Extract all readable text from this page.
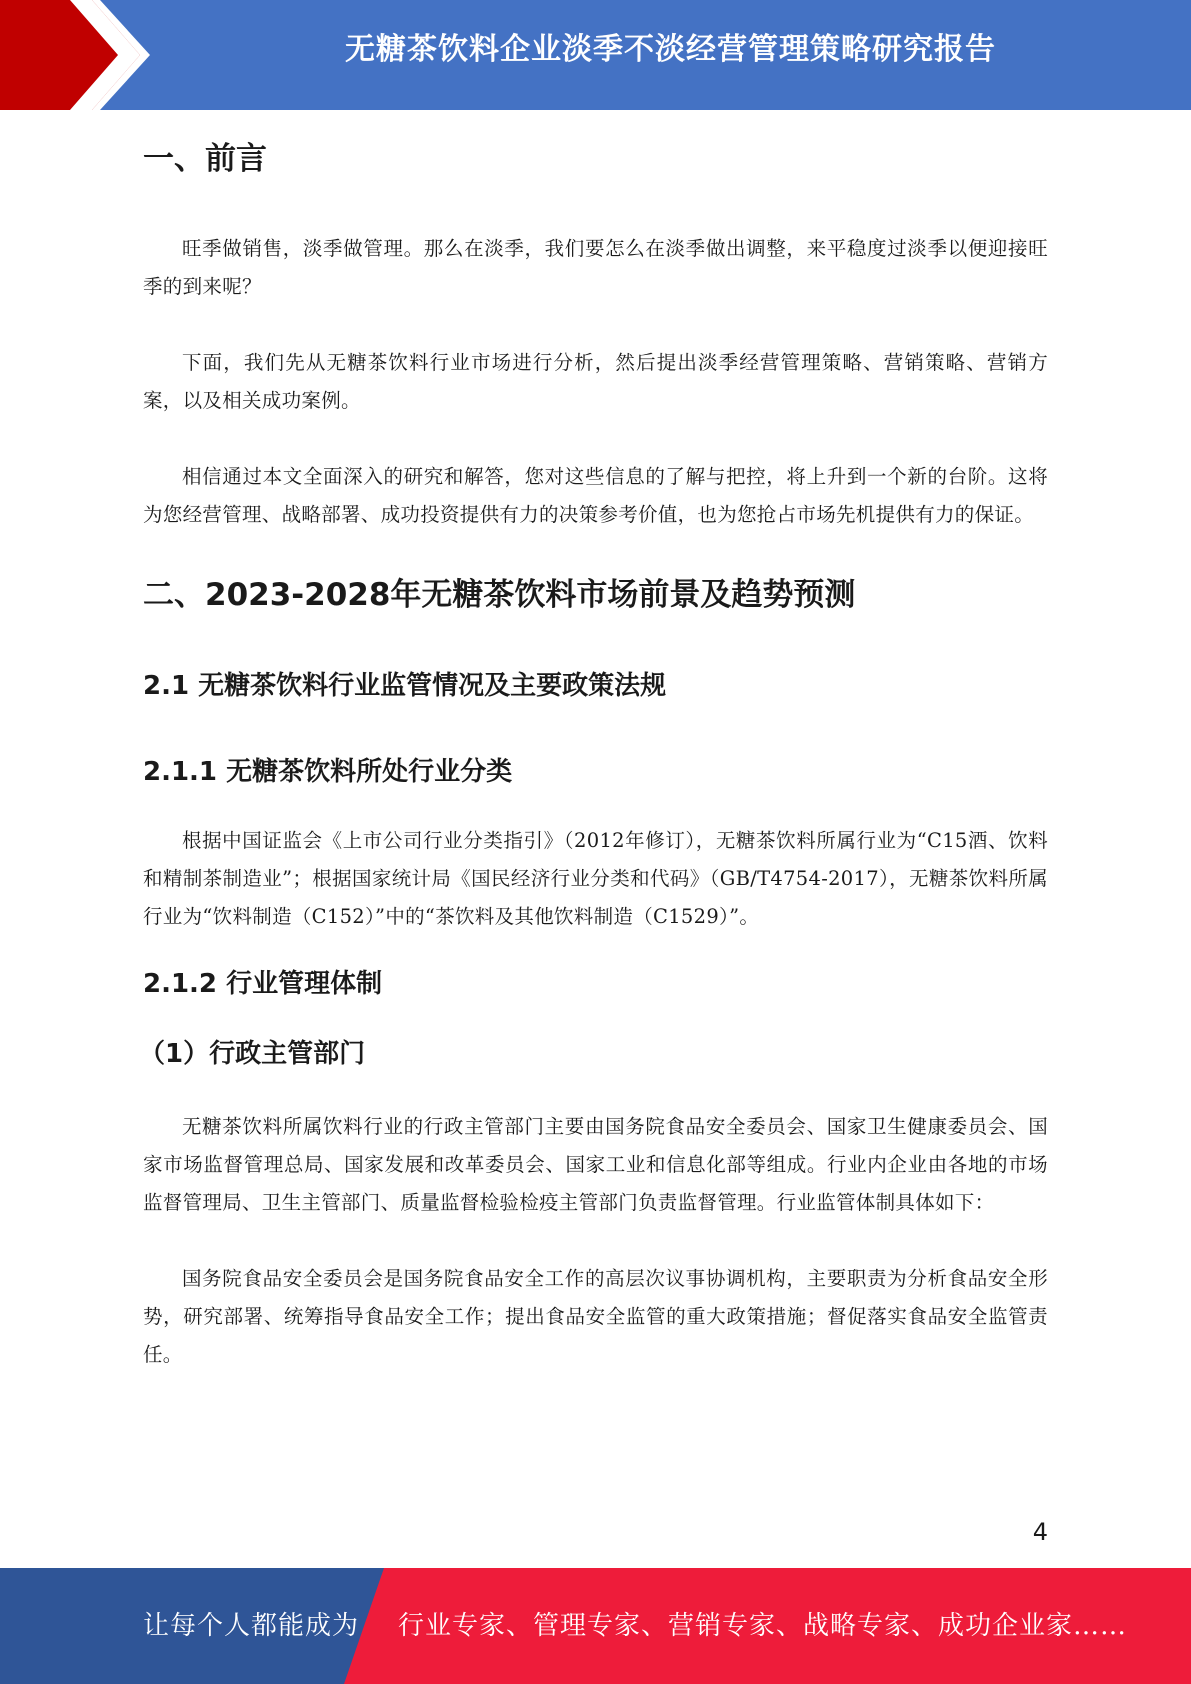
无糖茶饮料企业淡季不淡经营管理策略研究报告
一、前言

旺季做销售，淡季做管理。那么在淡季，我们要怎么在淡季做出调整，来平稳度过淡季以便迎接旺季的到来呢？

下面，我们先从无糖茶饮料行业市场进行分析，然后提出淡季经营管理策略、营销策略、营销方案，以及相关成功案例。

相信通过本文全面深入的研究和解答，您对这些信息的了解与把控，将上升到一个新的台阶。这将为您经营管理、战略部署、成功投资提供有力的决策参考价值，也为您抢占市场先机提供有力的保证。

二、2023-2028年无糖茶饮料市场前景及趋势预测
2.1 无糖茶饮料行业监管情况及主要政策法规
2.1.1 无糖茶饮料所处行业分类

根据中国证监会《上市公司行业分类指引》（2012年修订），无糖茶饮料所属行业为“C15酒、饮料和精制茶制造业”；根据国家统计局《国民经济行业分类和代码》（GB/T4754-2017），无糖茶饮料所属行业为“饮料制造（C152）”中的“茶饮料及其他饮料制造（C1529）”。

2.1.2 行业管理体制
（1）行政主管部门

无糖茶饮料所属饮料行业的行政主管部门主要由国务院食品安全委员会、国家卫生健康委员会、国家市场监督管理总局、国家发展和改革委员会、国家工业和信息化部等组成。行业内企业由各地的市场监督管理局、卫生主管部门、质量监督检验检疫主管部门负责监督管理。行业监管体制具体如下：

国务院食品安全委员会是国务院食品安全工作的高层次议事协调机构，主要职责为分析食品安全形势，研究部署、统筹指导食品安全工作；提出食品安全监管的重大政策措施；督促落实食品安全监管责任。

4
让每个人都能成为 行业专家、管理专家、营销专家、战略专家、成功企业家……
